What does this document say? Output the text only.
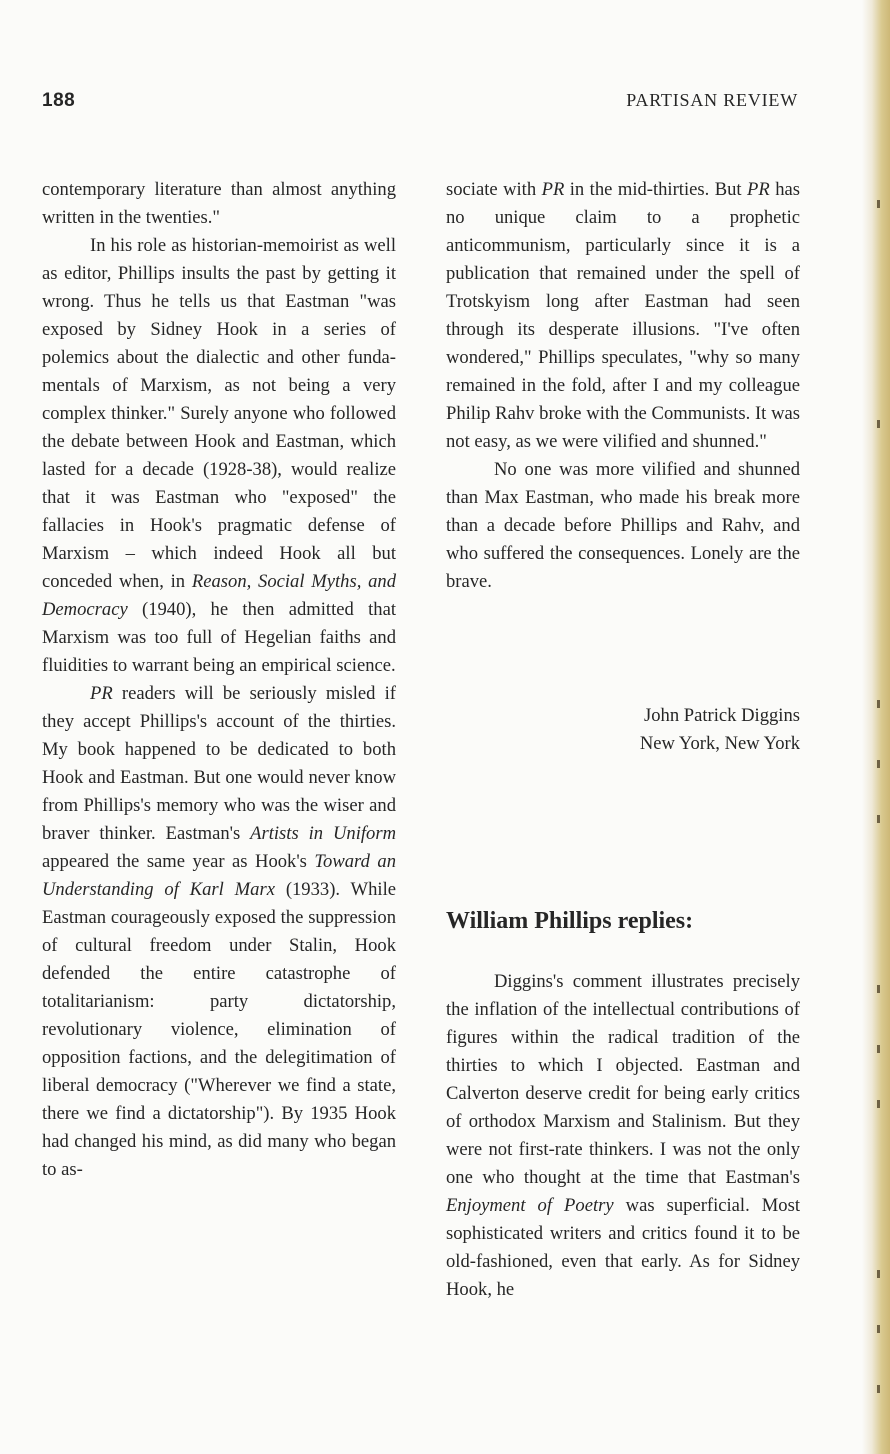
188	PARTISAN REVIEW

contemporary literature than almost anything written in the twenties."

In his role as historian-memoirist as well as editor, Phillips insults the past by getting it wrong. Thus he tells us that Eastman "was exposed by Sidney Hook in a series of polemics about the dialectic and other fundamentals of Marxism, as not being a very complex thinker." Surely anyone who followed the debate between Hook and Eastman, which lasted for a decade (1928-38), would realize that it was Eastman who "exposed" the fallacies in Hook's pragmatic defense of Marxism – which indeed Hook all but conceded when, in Reason, Social Myths, and Democracy (1940), he then admitted that Marxism was too full of Hegelian faiths and fluidities to warrant being an empirical science.

PR readers will be seriously misled if they accept Phillips's account of the thirties. My book happened to be dedicated to both Hook and Eastman. But one would never know from Phillips's memory who was the wiser and braver thinker. Eastman's Artists in Uniform appeared the same year as Hook's Toward an Understanding of Karl Marx (1933). While Eastman courageously exposed the suppression of cultural freedom under Stalin, Hook defended the entire catastrophe of totalitarianism: party dictatorship, revolutionary violence, elimination of opposition factions, and the delegitimation of liberal democracy ("Wherever we find a state, there we find a dictatorship"). By 1935 Hook had changed his mind, as did many who began to as-

sociate with PR in the mid-thirties. But PR has no unique claim to a prophetic anticommunism, particularly since it is a publication that remained under the spell of Trotskyism long after Eastman had seen through its desperate illusions. "I've often wondered," Phillips speculates, "why so many remained in the fold, after I and my colleague Philip Rahv broke with the Communists. It was not easy, as we were vilified and shunned."

No one was more vilified and shunned than Max Eastman, who made his break more than a decade before Phillips and Rahv, and who suffered the consequences. Lonely are the brave.

John Patrick Diggins
New York, New York
William Phillips replies:

Diggins's comment illustrates precisely the inflation of the intellectual contributions of figures within the radical tradition of the thirties to which I objected. Eastman and Calverton deserve credit for being early critics of orthodox Marxism and Stalinism. But they were not first-rate thinkers. I was not the only one who thought at the time that Eastman's Enjoyment of Poetry was superficial. Most sophisticated writers and critics found it to be old-fashioned, even that early. As for Sidney Hook, he
